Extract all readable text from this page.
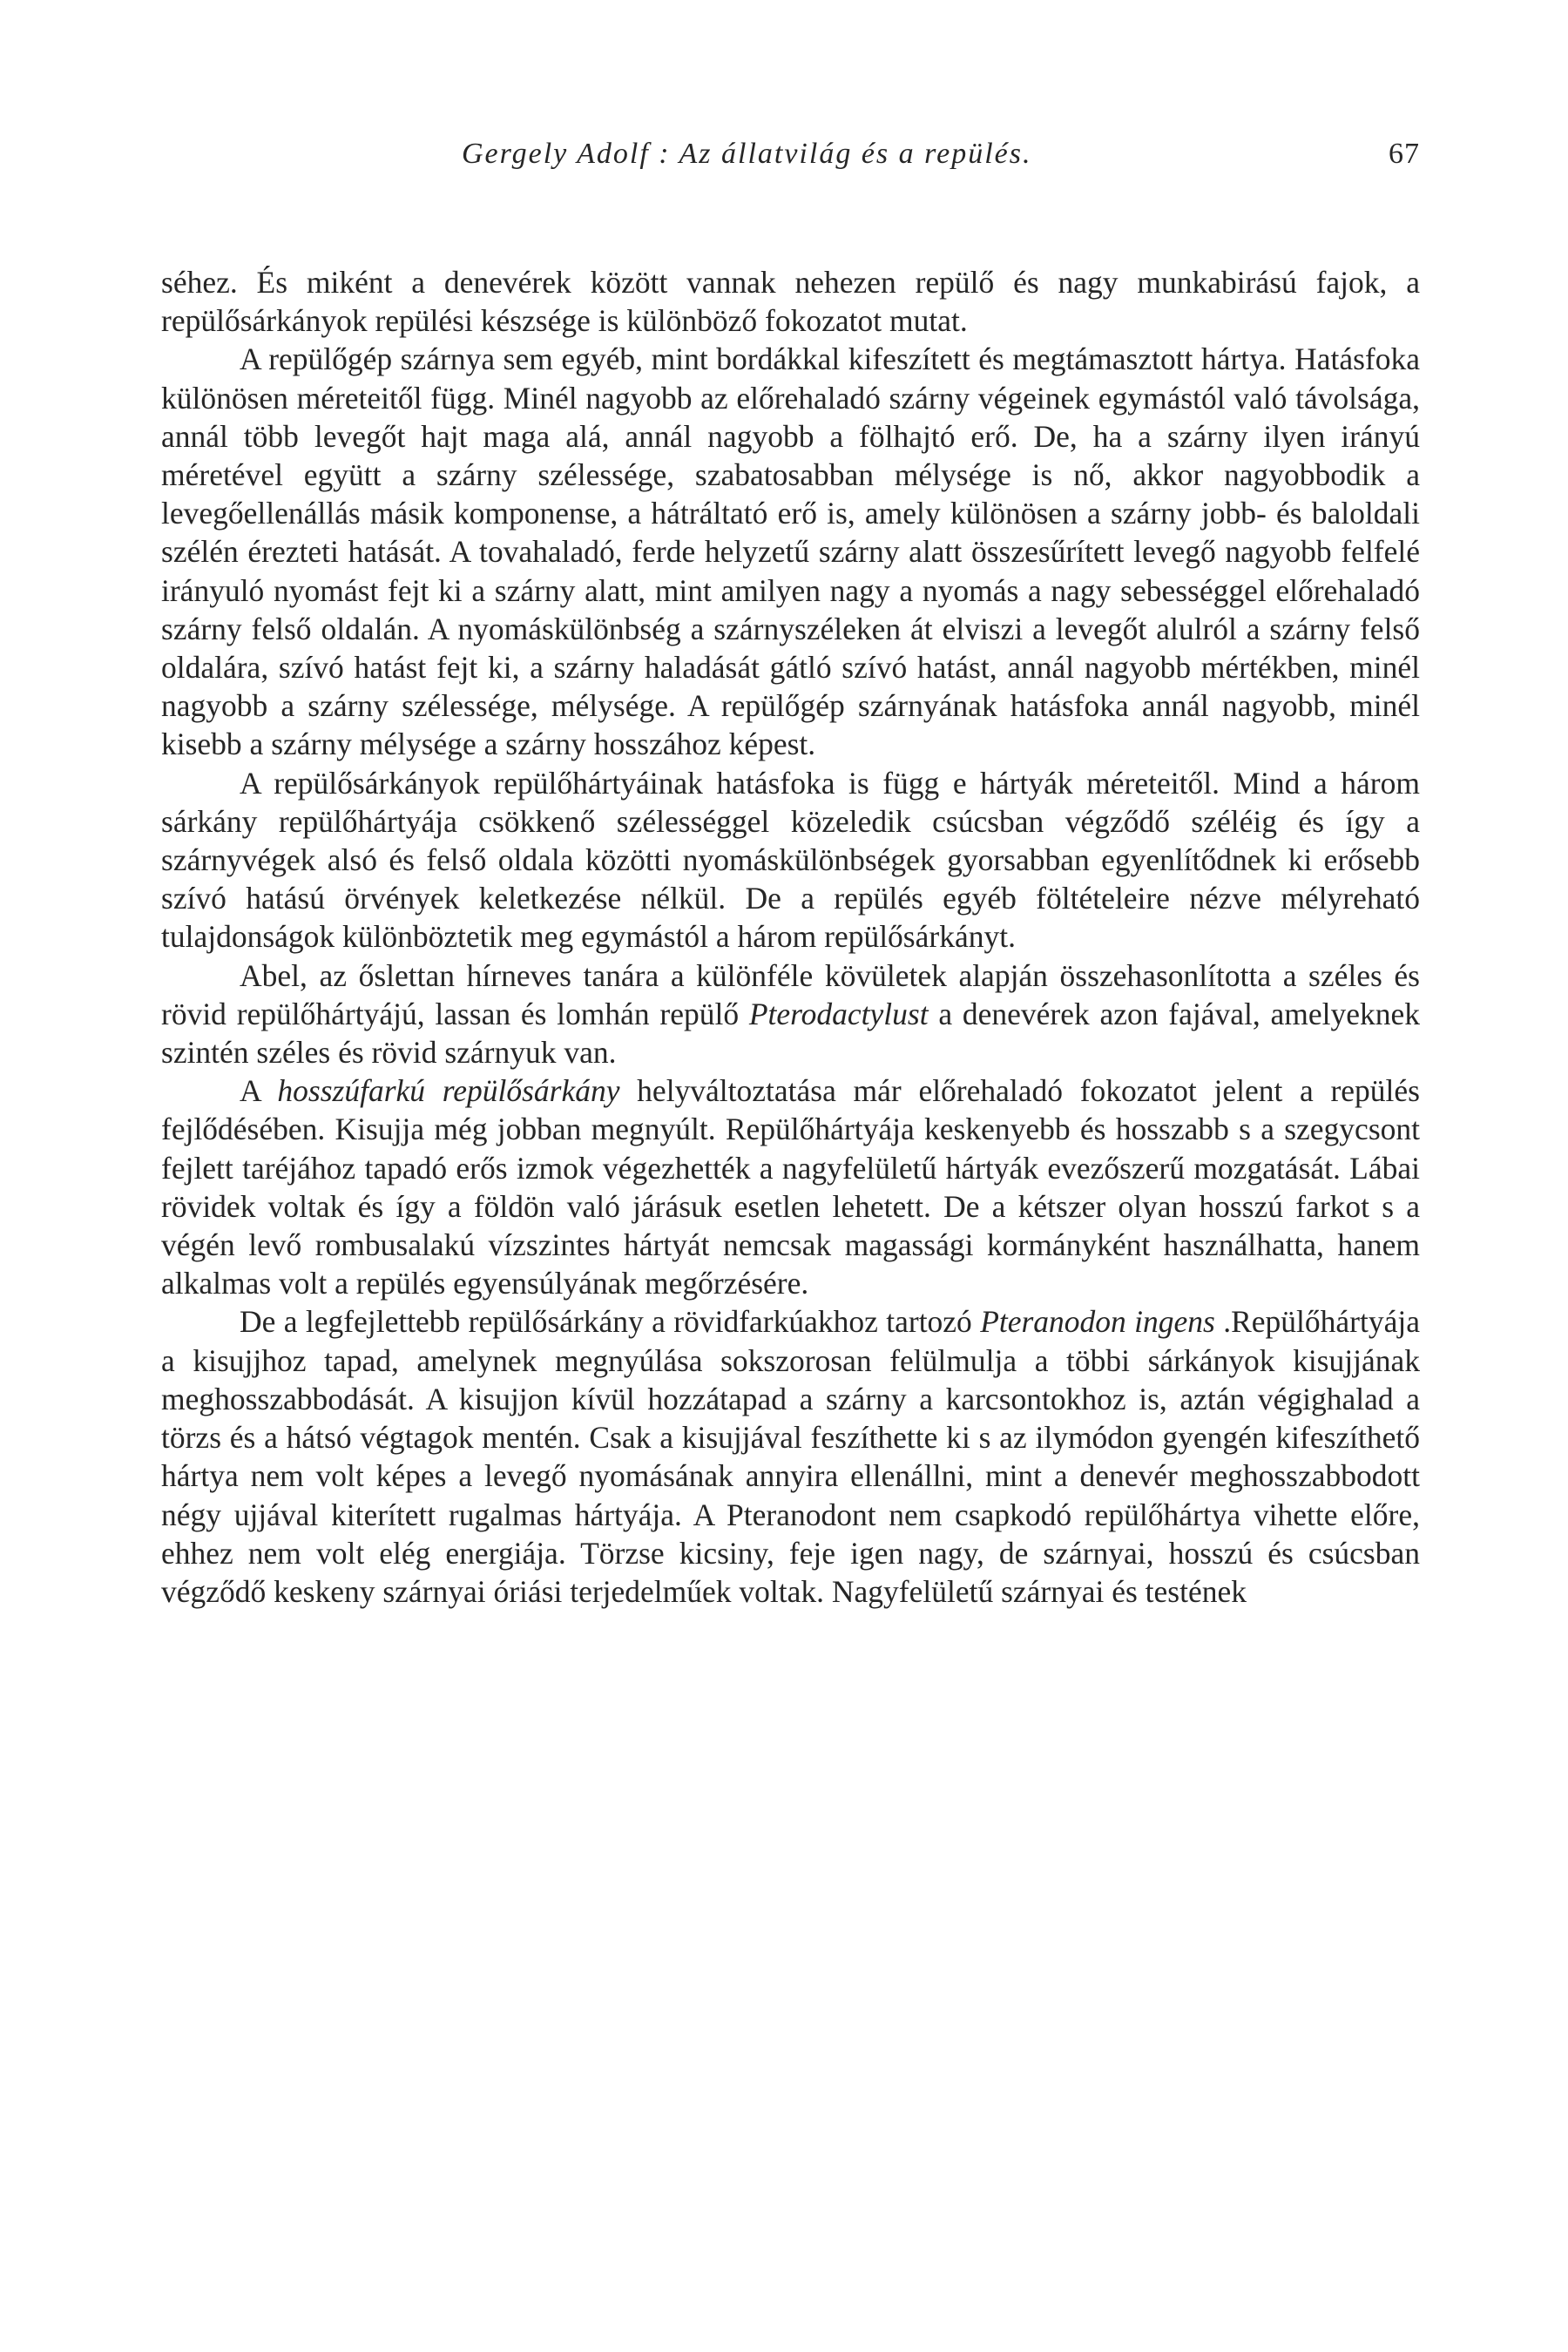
Gergely Adolf : Az állatvilág és a repülés.	67

séhez. És miként a denevérek között vannak nehezen repülő és nagy munkabirású fajok, a repülősárkányok repülési készsége is különböző fokozatot mutat.

A repülőgép szárnya sem egyéb, mint bordákkal kifeszített és megtámasztott hártya. Hatásfoka különösen méreteitől függ. Minél nagyobb az előrehaladó szárny végeinek egymástól való távolsága, annál több levegőt hajt maga alá, annál nagyobb a fölhajtó erő. De, ha a szárny ilyen irányú méretével együtt a szárny szélessége, szabatosabban mélysége is nő, akkor nagyobbodik a levegőellenállás másik komponense, a hátráltató erő is, amely különösen a szárny jobb- és baloldali szélén érezteti hatását. A tovahaladó, ferde helyzetű szárny alatt összesűrített levegő nagyobb felfelé irányuló nyomást fejt ki a szárny alatt, mint amilyen nagy a nyomás a nagy sebességgel előrehaladó szárny felső oldalán. A nyomáskülönbség a szárnyszéleken át elviszi a levegőt alulról a szárny felső oldalára, szívó hatást fejt ki, a szárny haladását gátló szívó hatást, annál nagyobb mértékben, minél nagyobb a szárny szélessége, mélysége. A repülőgép szárnyának hatásfoka annál nagyobb, minél kisebb a szárny mélysége a szárny hosszához képest.

A repülősárkányok repülőhártyáinak hatásfoka is függ e hártyák méreteitől. Mind a három sárkány repülőhártyája csökkenő szélességgel közeledik csúcsban végződő széléig és így a szárnyvégek alsó és felső oldala közötti nyomáskülönbségek gyorsabban egyenlítődnek ki erősebb szívó hatású örvények keletkezése nélkül. De a repülés egyéb föltételeire nézve mélyreható tulajdonságok különböztetik meg egymástól a három repülősárkányt.

Abel, az őslettan hírneves tanára a különféle kövületek alapján összehasonlította a széles és rövid repülőhártyájú, lassan és lomhán repülő Pterodactylust a denevérek azon fajával, amelyeknek szintén széles és rövid szárnyuk van.

A hosszúfarkú repülősárkány helyváltoztatása már előrehaladó fokozatot jelent a repülés fejlődésében. Kisujja még jobban megnyúlt. Repülőhártyája keskenyebb és hosszabb s a szegycsont fejlett taréjához tapadó erős izmok végezhették a nagyfelületű hártyák evezőszerű mozgatását. Lábai rövidek voltak és így a földön való járásuk esetlen lehetett. De a kétszer olyan hosszú farkot s a végén levő rombusalakú vízszintes hártyát nemcsak magassági kormányként használhatta, hanem alkalmas volt a repülés egyensúlyának megőrzésére.

De a legfejlettebb repülősárkány a rövidfarkúakhoz tartozó Pteranodon ingens .Repülőhártyája a kisujjhoz tapad, amelynek megnyúlása sokszorosan felülmulja a többi sárkányok kisujjának meghosszabbodását. A kisujjon kívül hozzátapad a szárny a karcsontokhoz is, aztán végighalad a törzs és a hátsó végtagok mentén. Csak a kisujjával feszíthette ki s az ilymódon gyengén kifeszíthető hártya nem volt képes a levegő nyomásának annyira ellenállni, mint a denevér meghosszabbodott négy ujjával kiterített rugalmas hártyája. A Pteranodont nem csapkodó repülőhártya vihette előre, ehhez nem volt elég energiája. Törzse kicsiny, feje igen nagy, de szárnyai, hosszú és csúcsban végződő keskeny szárnyai óriási terjedelműek voltak. Nagyfelületű szárnyai és testének
